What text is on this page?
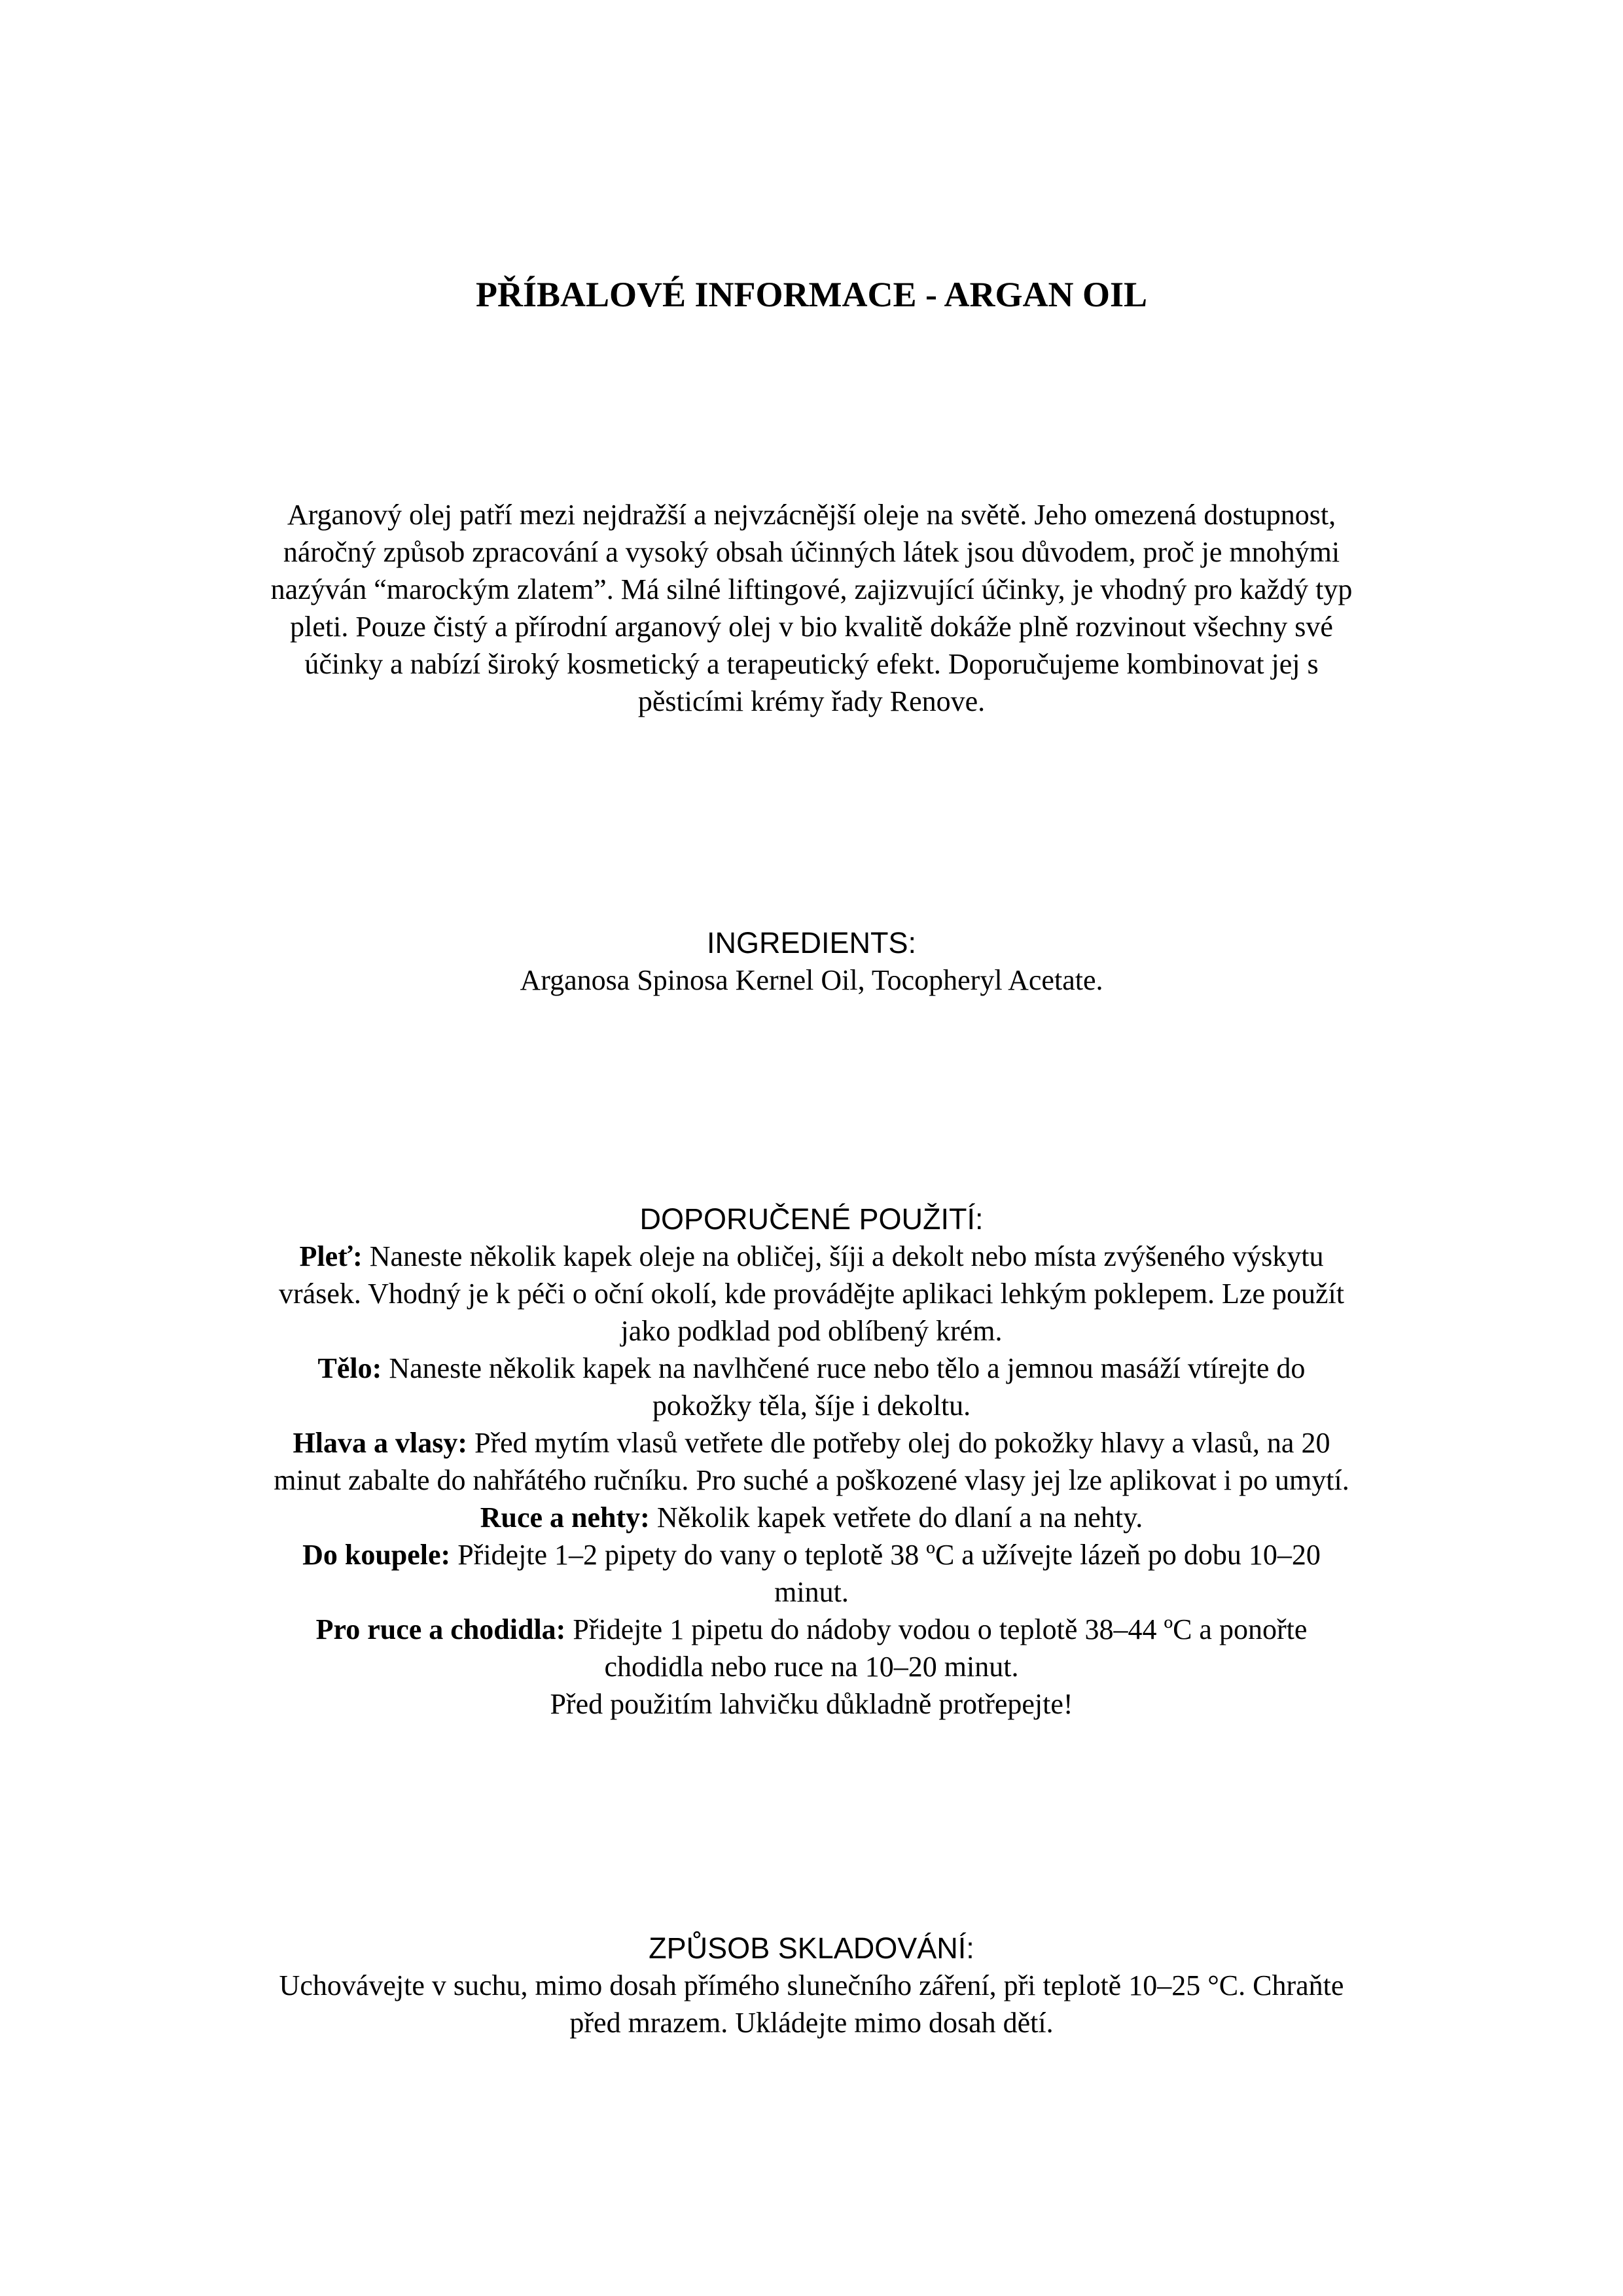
PŘÍBALOVÉ INFORMACE - ARGAN OIL

Arganový olej patří mezi nejdražší a nejvzácnější oleje na světě. Jeho omezená dostupnost,

náročný způsob zpracování a vysoký obsah účinných látek jsou důvodem, proč je mnohými

nazýván “marockým zlatem”. Má silné liftingové, zajizvující účinky, je vhodný pro každý typ

pleti. Pouze čistý a přírodní arganový olej v bio kvalitě dokáže plně rozvinout všechny své

účinky a nabízí široký kosmetický a terapeutický efekt. Doporučujeme kombinovat jej s

pěsticími krémy řady Renove.

INGREDIENTS:

Arganosa Spinosa Kernel Oil, Tocopheryl Acetate.

DOPORUČENÉ POUŽITÍ:

Pleť: Naneste několik kapek oleje na obličej, šíji a dekolt nebo místa zvýšeného výskytu

vrásek. Vhodný je k péči o oční okolí, kde provádějte aplikaci lehkým poklepem. Lze použít

jako podklad pod oblíbený krém.

Tělo: Naneste několik kapek na navlhčené ruce nebo tělo a jemnou masáží vtírejte do

pokožky těla, šíje i dekoltu.

Hlava a vlasy: Před mytím vlasů vetřete dle potřeby olej do pokožky hlavy a vlasů, na 20

minut zabalte do nahřátého ručníku. Pro suché a poškozené vlasy jej lze aplikovat i po umytí.

Ruce a nehty: Několik kapek vetřete do dlaní a na nehty.

Do koupele: Přidejte 1–2 pipety do vany o teplotě 38 ºC a užívejte lázeň po dobu 10–20

minut.

Pro ruce a chodidla: Přidejte 1 pipetu do nádoby vodou o teplotě 38–44 ºC a ponořte

chodidla nebo ruce na 10–20 minut.

Před použitím lahvičku důkladně protřepejte!

ZPŮSOB SKLADOVÁNÍ:

Uchovávejte v suchu, mimo dosah přímého slunečního záření, při teplotě 10–25 °C. Chraňte

před mrazem. Ukládejte mimo dosah dětí.
